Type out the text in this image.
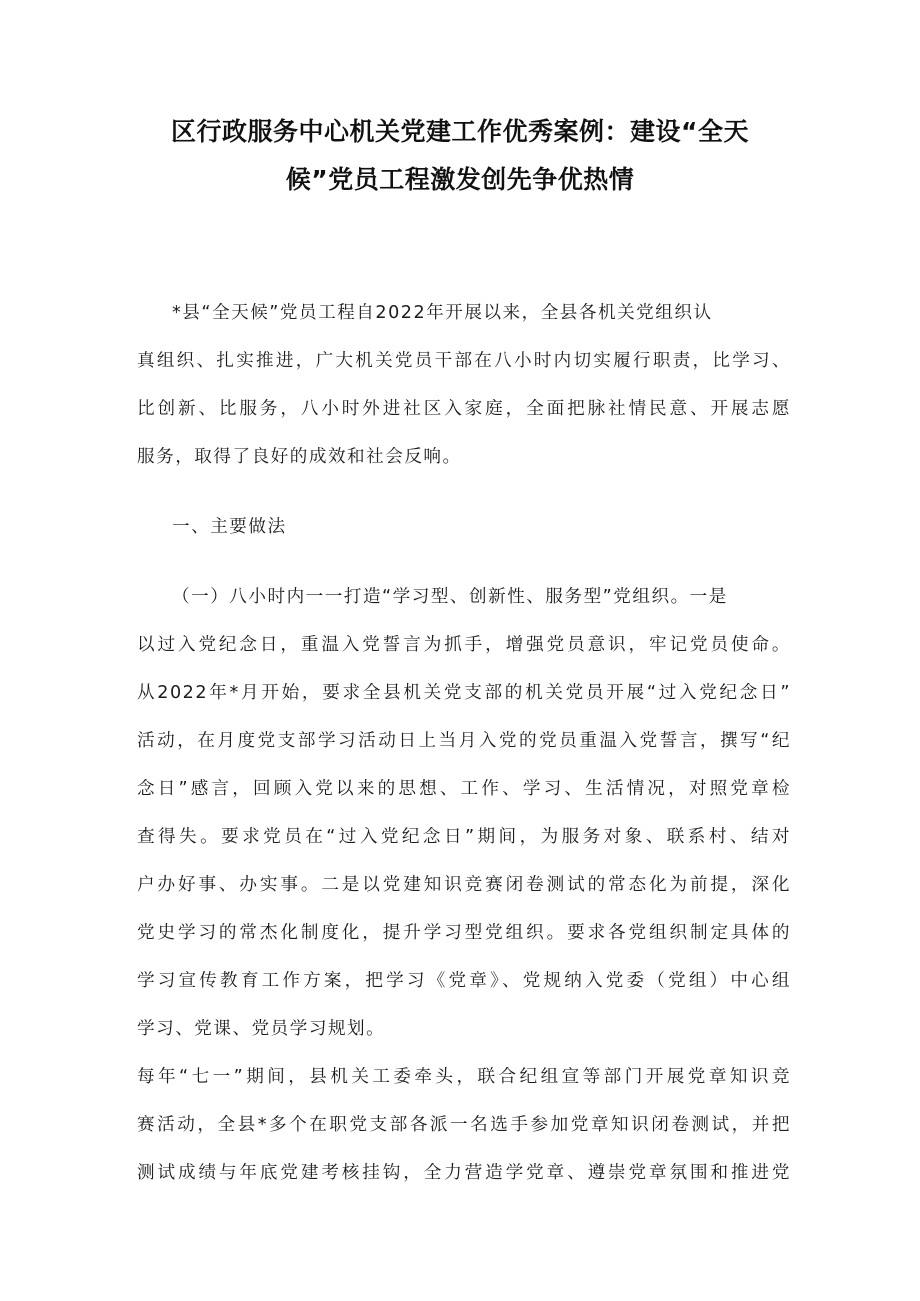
区行政服务中心机关党建工作优秀案例：建设“全天
候”党员工程激发创先争优热情
*县“全天候”党员工程自2022年开展以来，全县各机关党组织认
真组织、扎实推进，广大机关党员干部在八小时内切实履行职责，比学习、
比创新、比服务，八小时外进社区入家庭，全面把脉社情民意、开展志愿
服务，取得了良好的成效和社会反响。
一、主要做法
（一）八小时内一一打造“学习型、创新性、服务型”党组织。一是
以过入党纪念日，重温入党誓言为抓手，增强党员意识，牢记党员使命。
从2022年*月开始，要求全县机关党支部的机关党员开展“过入党纪念日”
活动，在月度党支部学习活动日上当月入党的党员重温入党誓言，撰写“纪
念日”感言，回顾入党以来的思想、工作、学习、生活情况，对照党章检
查得失。要求党员在“过入党纪念日”期间，为服务对象、联系村、结对
户办好事、办实事。二是以党建知识竞赛闭卷测试的常态化为前提，深化
党史学习的常杰化制度化，提升学习型党组织。要求各党组织制定具体的
学习宣传教育工作方案，把学习《党章》、党规纳入党委（党组）中心组
学习、党课、党员学习规划。
每年“七一”期间，县机关工委牵头，联合纪组宣等部门开展党章知识竞
赛活动，全县*多个在职党支部各派一名选手参加党章知识闭卷测试，并把
测试成绩与年底党建考核挂钩，全力营造学党章、遵崇党章氛围和推进党
